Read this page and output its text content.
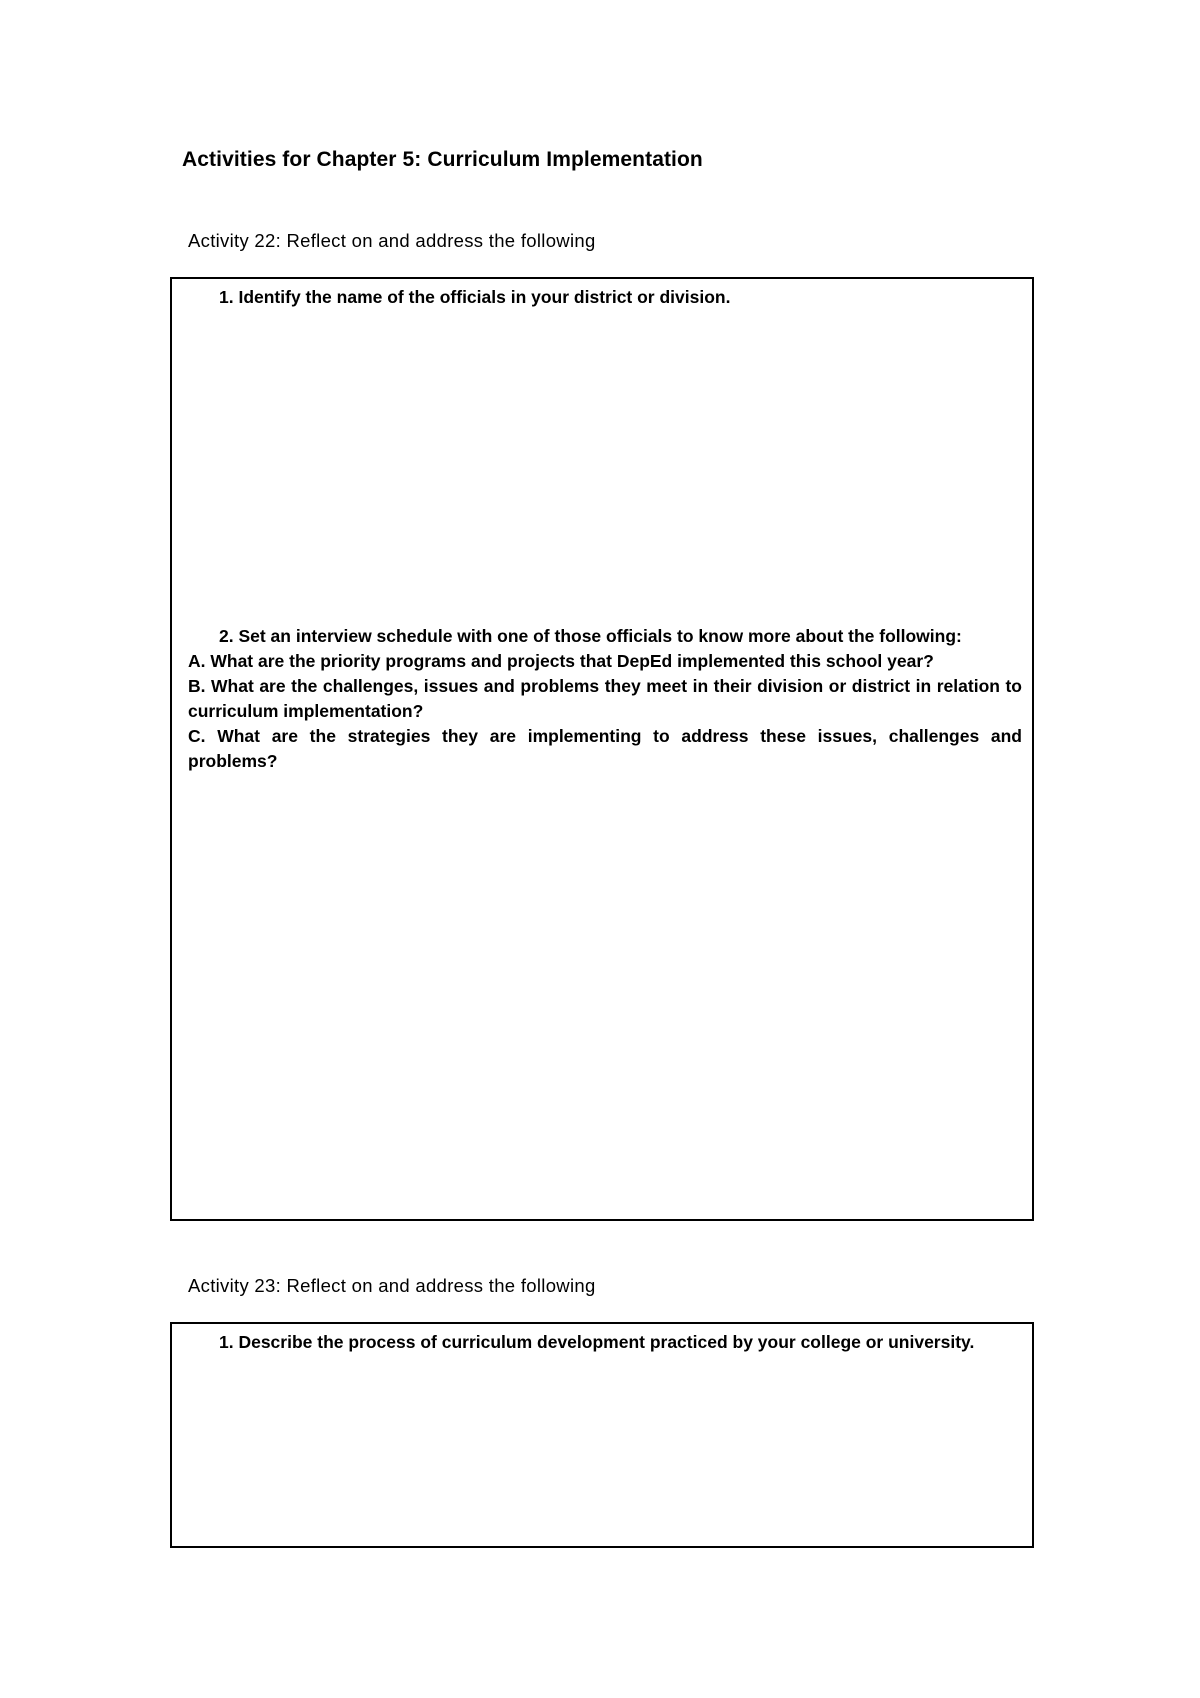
Activities for Chapter 5: Curriculum Implementation
Activity 22: Reflect on and address the following
1. Identify the name of the officials in your district or division.
2. Set an interview schedule with one of those officials to know more about the following:
A. What are the priority programs and projects that DepEd implemented this school year?
B. What are the challenges, issues and problems they meet in their division or district in relation to curriculum implementation?
C. What are the strategies they are implementing to address these issues, challenges and problems?
Activity 23: Reflect on and address the following
1. Describe the process of curriculum development practiced by your college or university.
